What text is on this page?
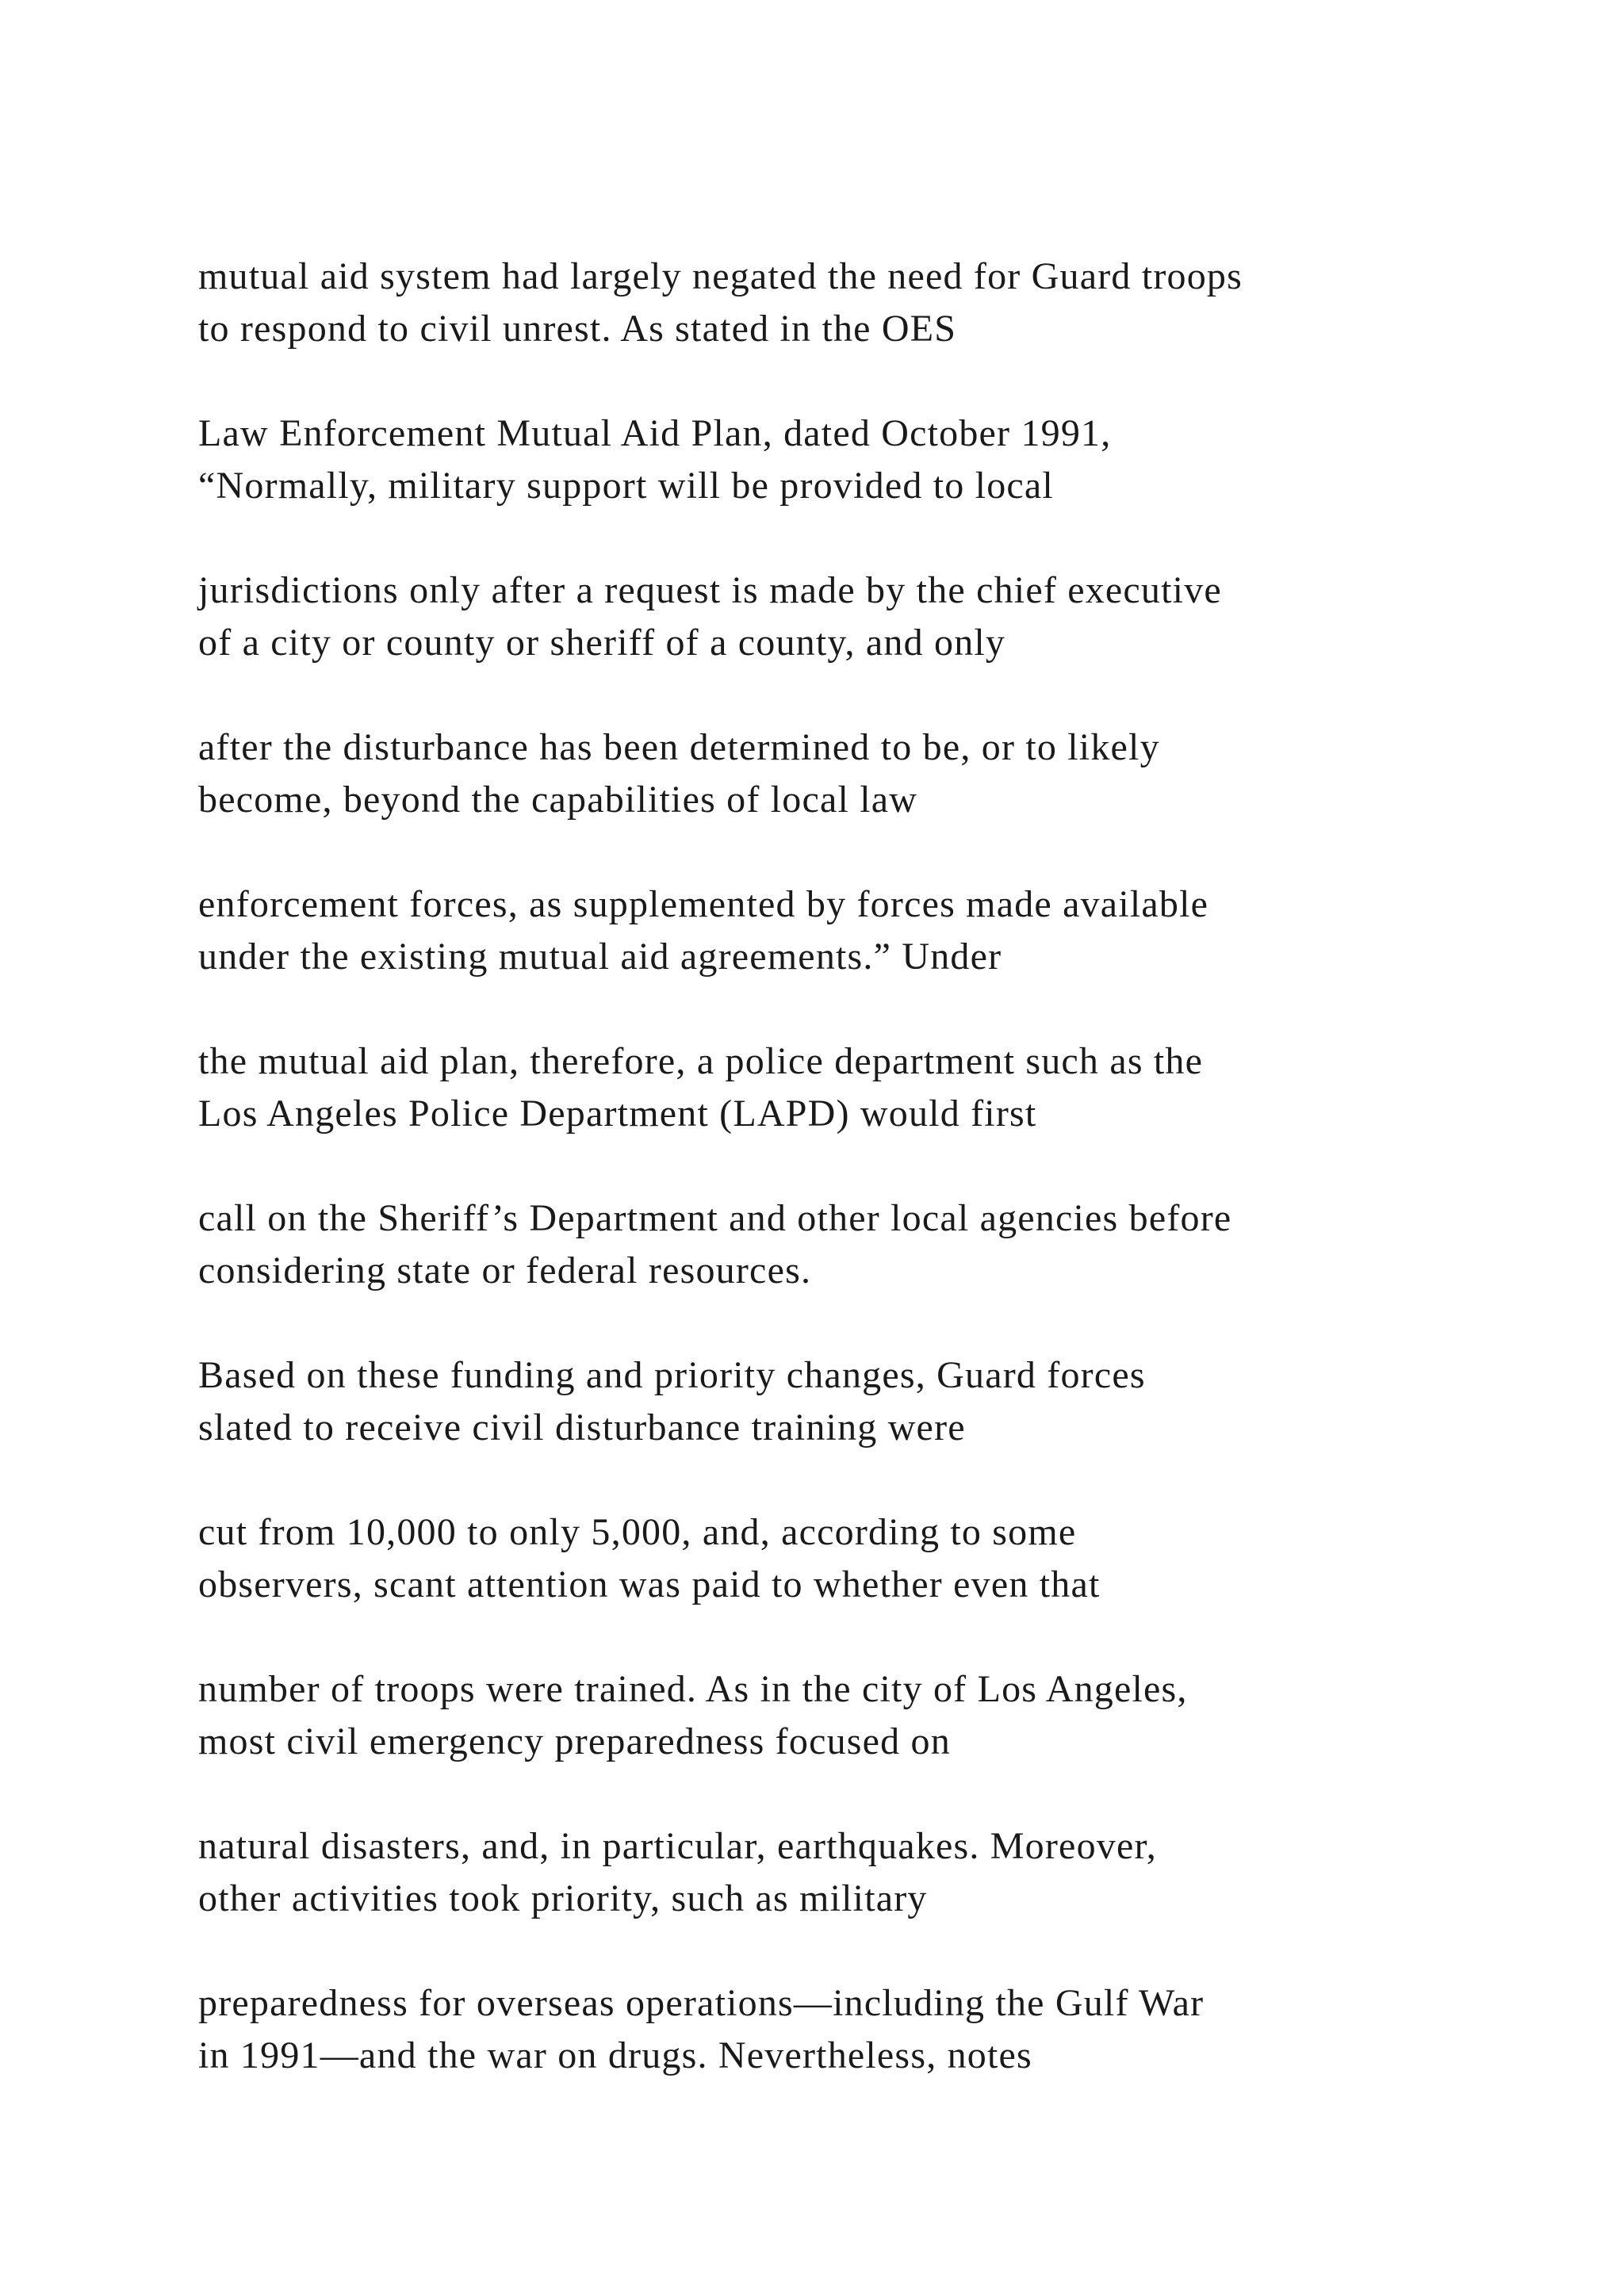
mutual aid system had largely negated the need for Guard troops
to respond to civil unrest. As stated in the OES

Law Enforcement Mutual Aid Plan, dated October 1991,
“Normally, military support will be provided to local

jurisdictions only after a request is made by the chief executive
of a city or county or sheriff of a county, and only

after the disturbance has been determined to be, or to likely
become, beyond the capabilities of local law

enforcement forces, as supplemented by forces made available
under the existing mutual aid agreements.” Under

the mutual aid plan, therefore, a police department such as the
Los Angeles Police Department (LAPD) would first

call on the Sheriff’s Department and other local agencies before
considering state or federal resources.

Based on these funding and priority changes, Guard forces
slated to receive civil disturbance training were

cut from 10,000 to only 5,000, and, according to some
observers, scant attention was paid to whether even that

number of troops were trained. As in the city of Los Angeles,
most civil emergency preparedness focused on

natural disasters, and, in particular, earthquakes. Moreover,
other activities took priority, such as military

preparedness for overseas operations—including the Gulf War
in 1991—and the war on drugs. Nevertheless, notes
